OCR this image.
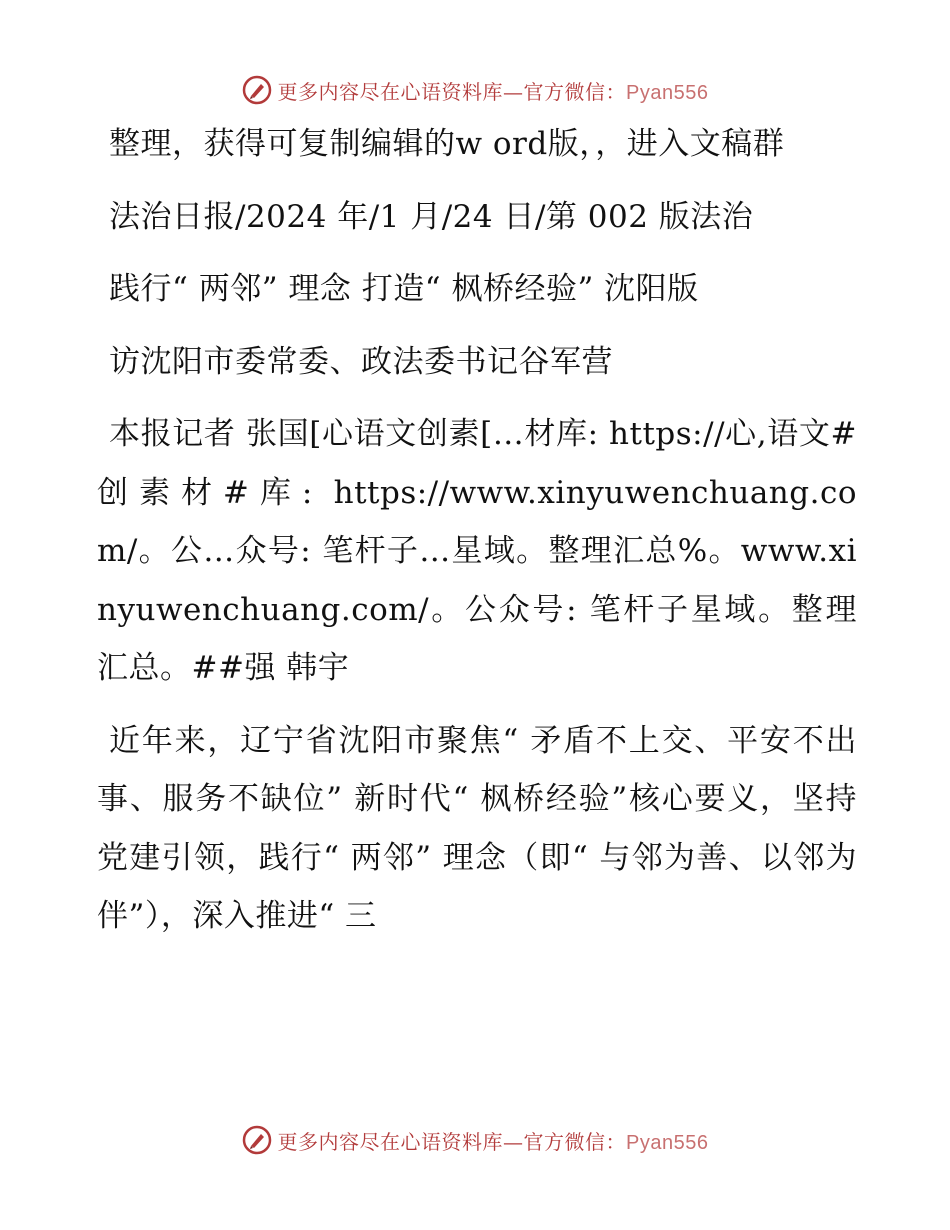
更多内容尽在心语资料库—官方微信：Pyan556

整理，获得可复制编辑的w ord版，，进入文稿群

法治日报/2024 年/1 月/24 日/第 002 版法治

践行“ 两邻” 理念 打造“ 枫桥经验” 沈阳版

访沈阳市委常委、政法委书记谷军营

本报记者 张国[心语文创素[…材库: https://心,语文#创素材#库: https://www.xinyuwenchuang.com/。公…众号: 笔杆子…星域。整理汇总%。www.xinyuwenchuang.com/。公众号: 笔杆子星域。整理汇总。##强 韩宇

近年来，辽宁省沈阳市聚焦“ 矛盾不上交、平安不出事、服务不缺位” 新时代“ 枫桥经验”核心要义，坚持党建引领，践行“ 两邻” 理念（即“ 与邻为善、以邻为伴”），深入推进“ 三

更多内容尽在心语资料库—官方微信：Pyan556
